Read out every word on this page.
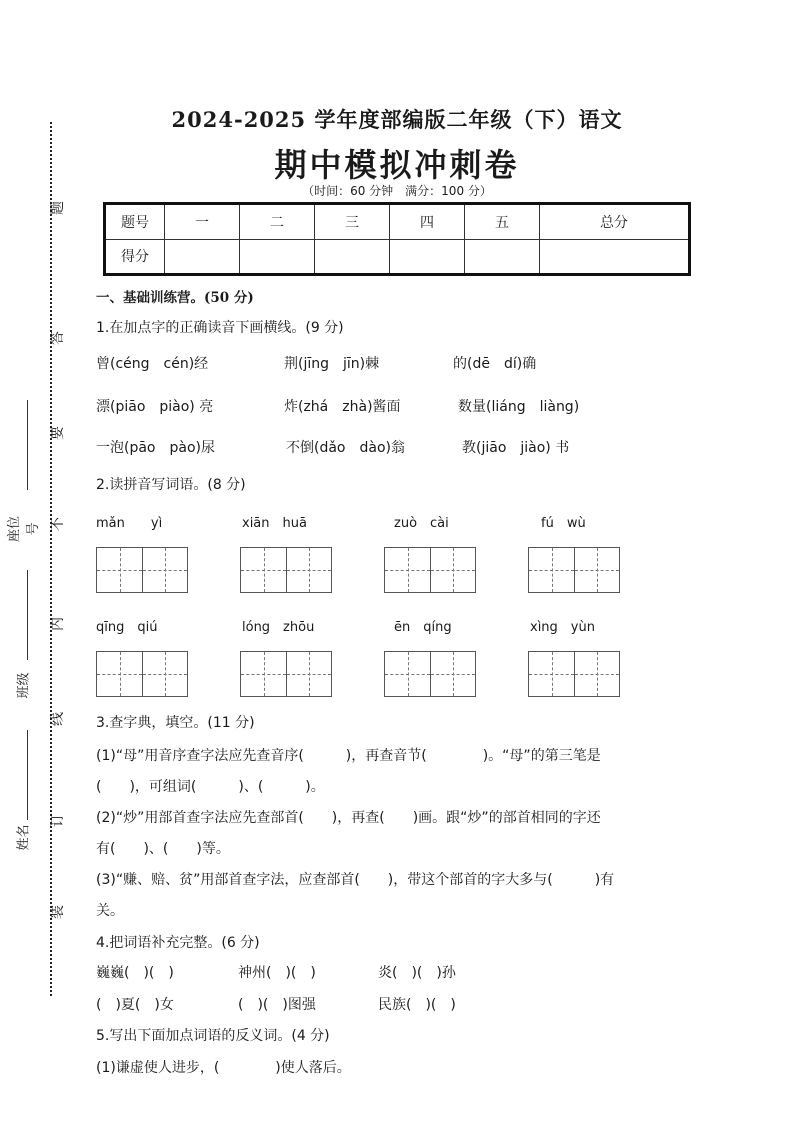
题
答
要
不
内
线
订
装
座位号
班级
姓名
2024-2025 学年度部编版二年级（下）语文
期中模拟冲刺卷
（时间：60 分钟 满分：100 分）
题号	一	二	三	四	五	总分
得分						
一、基础训练营。(50 分)
1.在加点字的正确读音下画横线。(9 分)
曾(céng　cén)经	荆(jīng　jīn)棘	的(dē　dí)确
漂(piāo　piào) 亮	炸(zhá　zhà)酱面	数量(liáng　liàng)
一泡(pāo　pào)尿	不倒(dǎo　dào)翁	教(jiāo　jiào) 书
2.读拼音写词语。(8 分)
mǎn　　yì	xiān　huā	zuò　cài	fú　wù
qīng　qiú	lóng　zhōu	ēn　qíng	xìng　yùn
3.查字典，填空。(11 分)
(1)“母”用音序查字法应先查音序(　　　)，再查音节(　　　　)。“母”的第三笔是
(　　)，可组词(　　　)、(　　　)。
(2)“炒”用部首查字法应先查部首(　　)，再查(　　)画。跟“炒”的部首相同的字还
有(　　)、(　　)等。
(3)“赚、赔、贫”用部首查字法，应查部首(　　)，带这个部首的字大多与(　　　)有
关。
4.把词语补充完整。(6 分)
巍巍(　)(　)	神州(　)(　)	炎(　)(　)孙
(　)夏(　)女	(　)(　)图强	民族(　)(　)
5.写出下面加点词语的反义词。(4 分)
(1)谦虚使人进步，(　　　　)使人落后。
